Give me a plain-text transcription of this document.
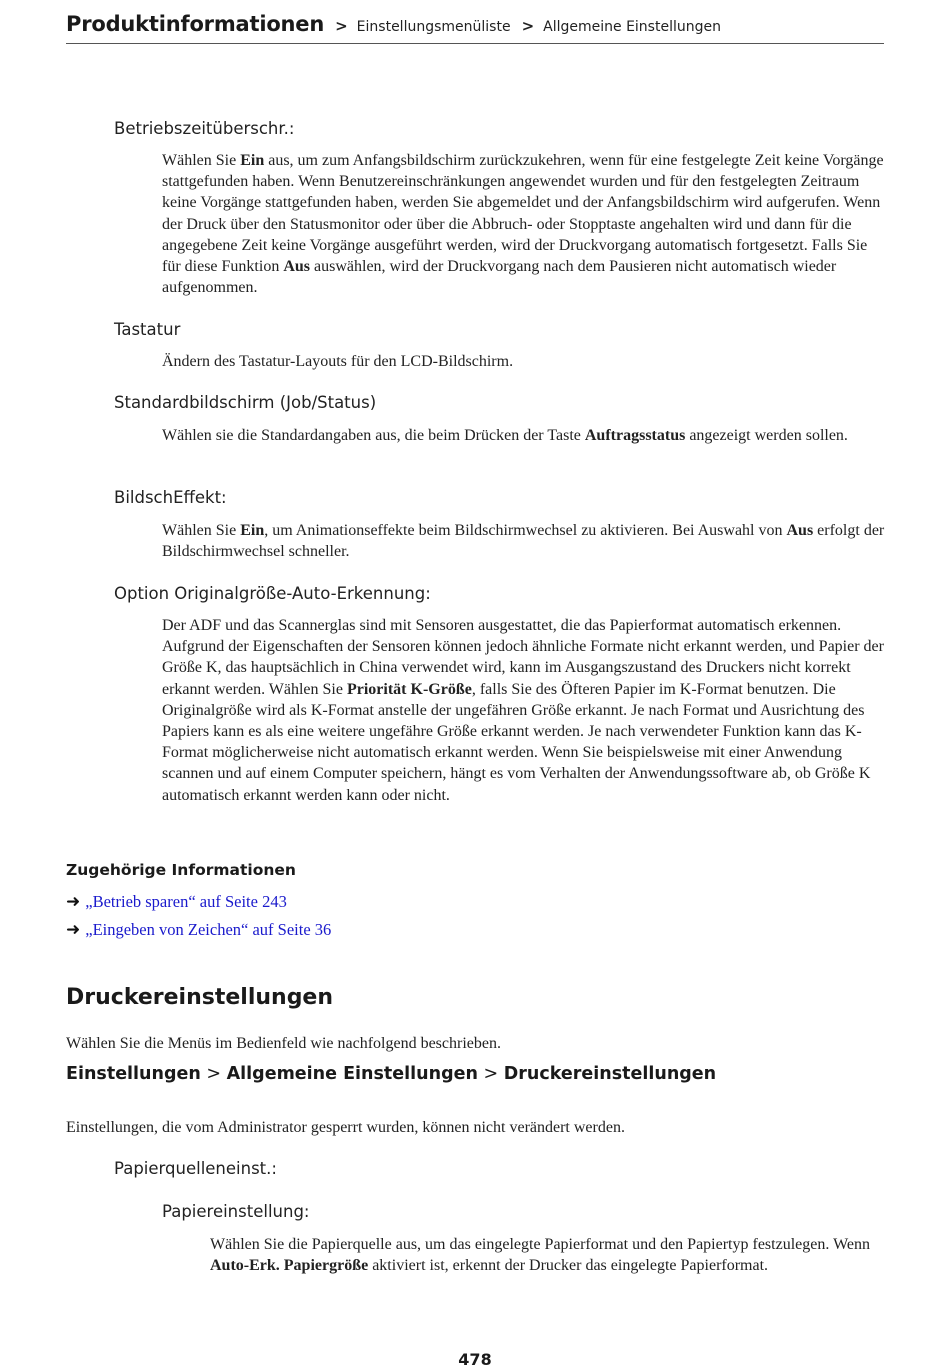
Produktinformationen > Einstellungsmenüliste > Allgemeine Einstellungen
Betriebszeitüberschr.:

Wählen Sie Ein aus, um zum Anfangsbildschirm zurückzukehren, wenn für eine festgelegte Zeit keine Vorgänge stattgefunden haben. Wenn Benutzereinschränkungen angewendet wurden und für den festgelegten Zeitraum keine Vorgänge stattgefunden haben, werden Sie abgemeldet und der Anfangsbildschirm wird aufgerufen. Wenn der Druck über den Statusmonitor oder über die Abbruch- oder Stopptaste angehalten wird und dann für die angegebene Zeit keine Vorgänge ausgeführt werden, wird der Druckvorgang automatisch fortgesetzt. Falls Sie für diese Funktion Aus auswählen, wird der Druckvorgang nach dem Pausieren nicht automatisch wieder aufgenommen.

Tastatur

Ändern des Tastatur-Layouts für den LCD-Bildschirm.

Standardbildschirm (Job/Status)

Wählen sie die Standardangaben aus, die beim Drücken der Taste Auftragsstatus angezeigt werden sollen.

BildschEffekt:

Wählen Sie Ein, um Animationseffekte beim Bildschirmwechsel zu aktivieren. Bei Auswahl von Aus erfolgt der Bildschirmwechsel schneller.

Option Originalgröße-Auto-Erkennung:

Der ADF und das Scannerglas sind mit Sensoren ausgestattet, die das Papierformat automatisch erkennen. Aufgrund der Eigenschaften der Sensoren können jedoch ähnliche Formate nicht erkannt werden, und Papier der Größe K, das hauptsächlich in China verwendet wird, kann im Ausgangszustand des Druckers nicht korrekt erkannt werden. Wählen Sie Priorität K-Größe, falls Sie des Öfteren Papier im K-Format benutzen. Die Originalgröße wird als K-Format anstelle der ungefähren Größe erkannt. Je nach Format und Ausrichtung des Papiers kann es als eine weitere ungefähre Größe erkannt werden. Je nach verwendeter Funktion kann das K-Format möglicherweise nicht automatisch erkannt werden. Wenn Sie beispielsweise mit einer Anwendung scannen und auf einem Computer speichern, hängt es vom Verhalten der Anwendungssoftware ab, ob Größe K automatisch erkannt werden kann oder nicht.

Zugehörige Informationen
➜ „Betrieb sparen“ auf Seite 243
➜ „Eingeben von Zeichen“ auf Seite 36
Druckereinstellungen

Wählen Sie die Menüs im Bedienfeld wie nachfolgend beschrieben.

Einstellungen > Allgemeine Einstellungen > Druckereinstellungen

Einstellungen, die vom Administrator gesperrt wurden, können nicht verändert werden.

Papierquelleneinst.:
Papiereinstellung:

Wählen Sie die Papierquelle aus, um das eingelegte Papierformat und den Papiertyp festzulegen. Wenn Auto-Erk. Papiergröße aktiviert ist, erkennt der Drucker das eingelegte Papierformat.

478
